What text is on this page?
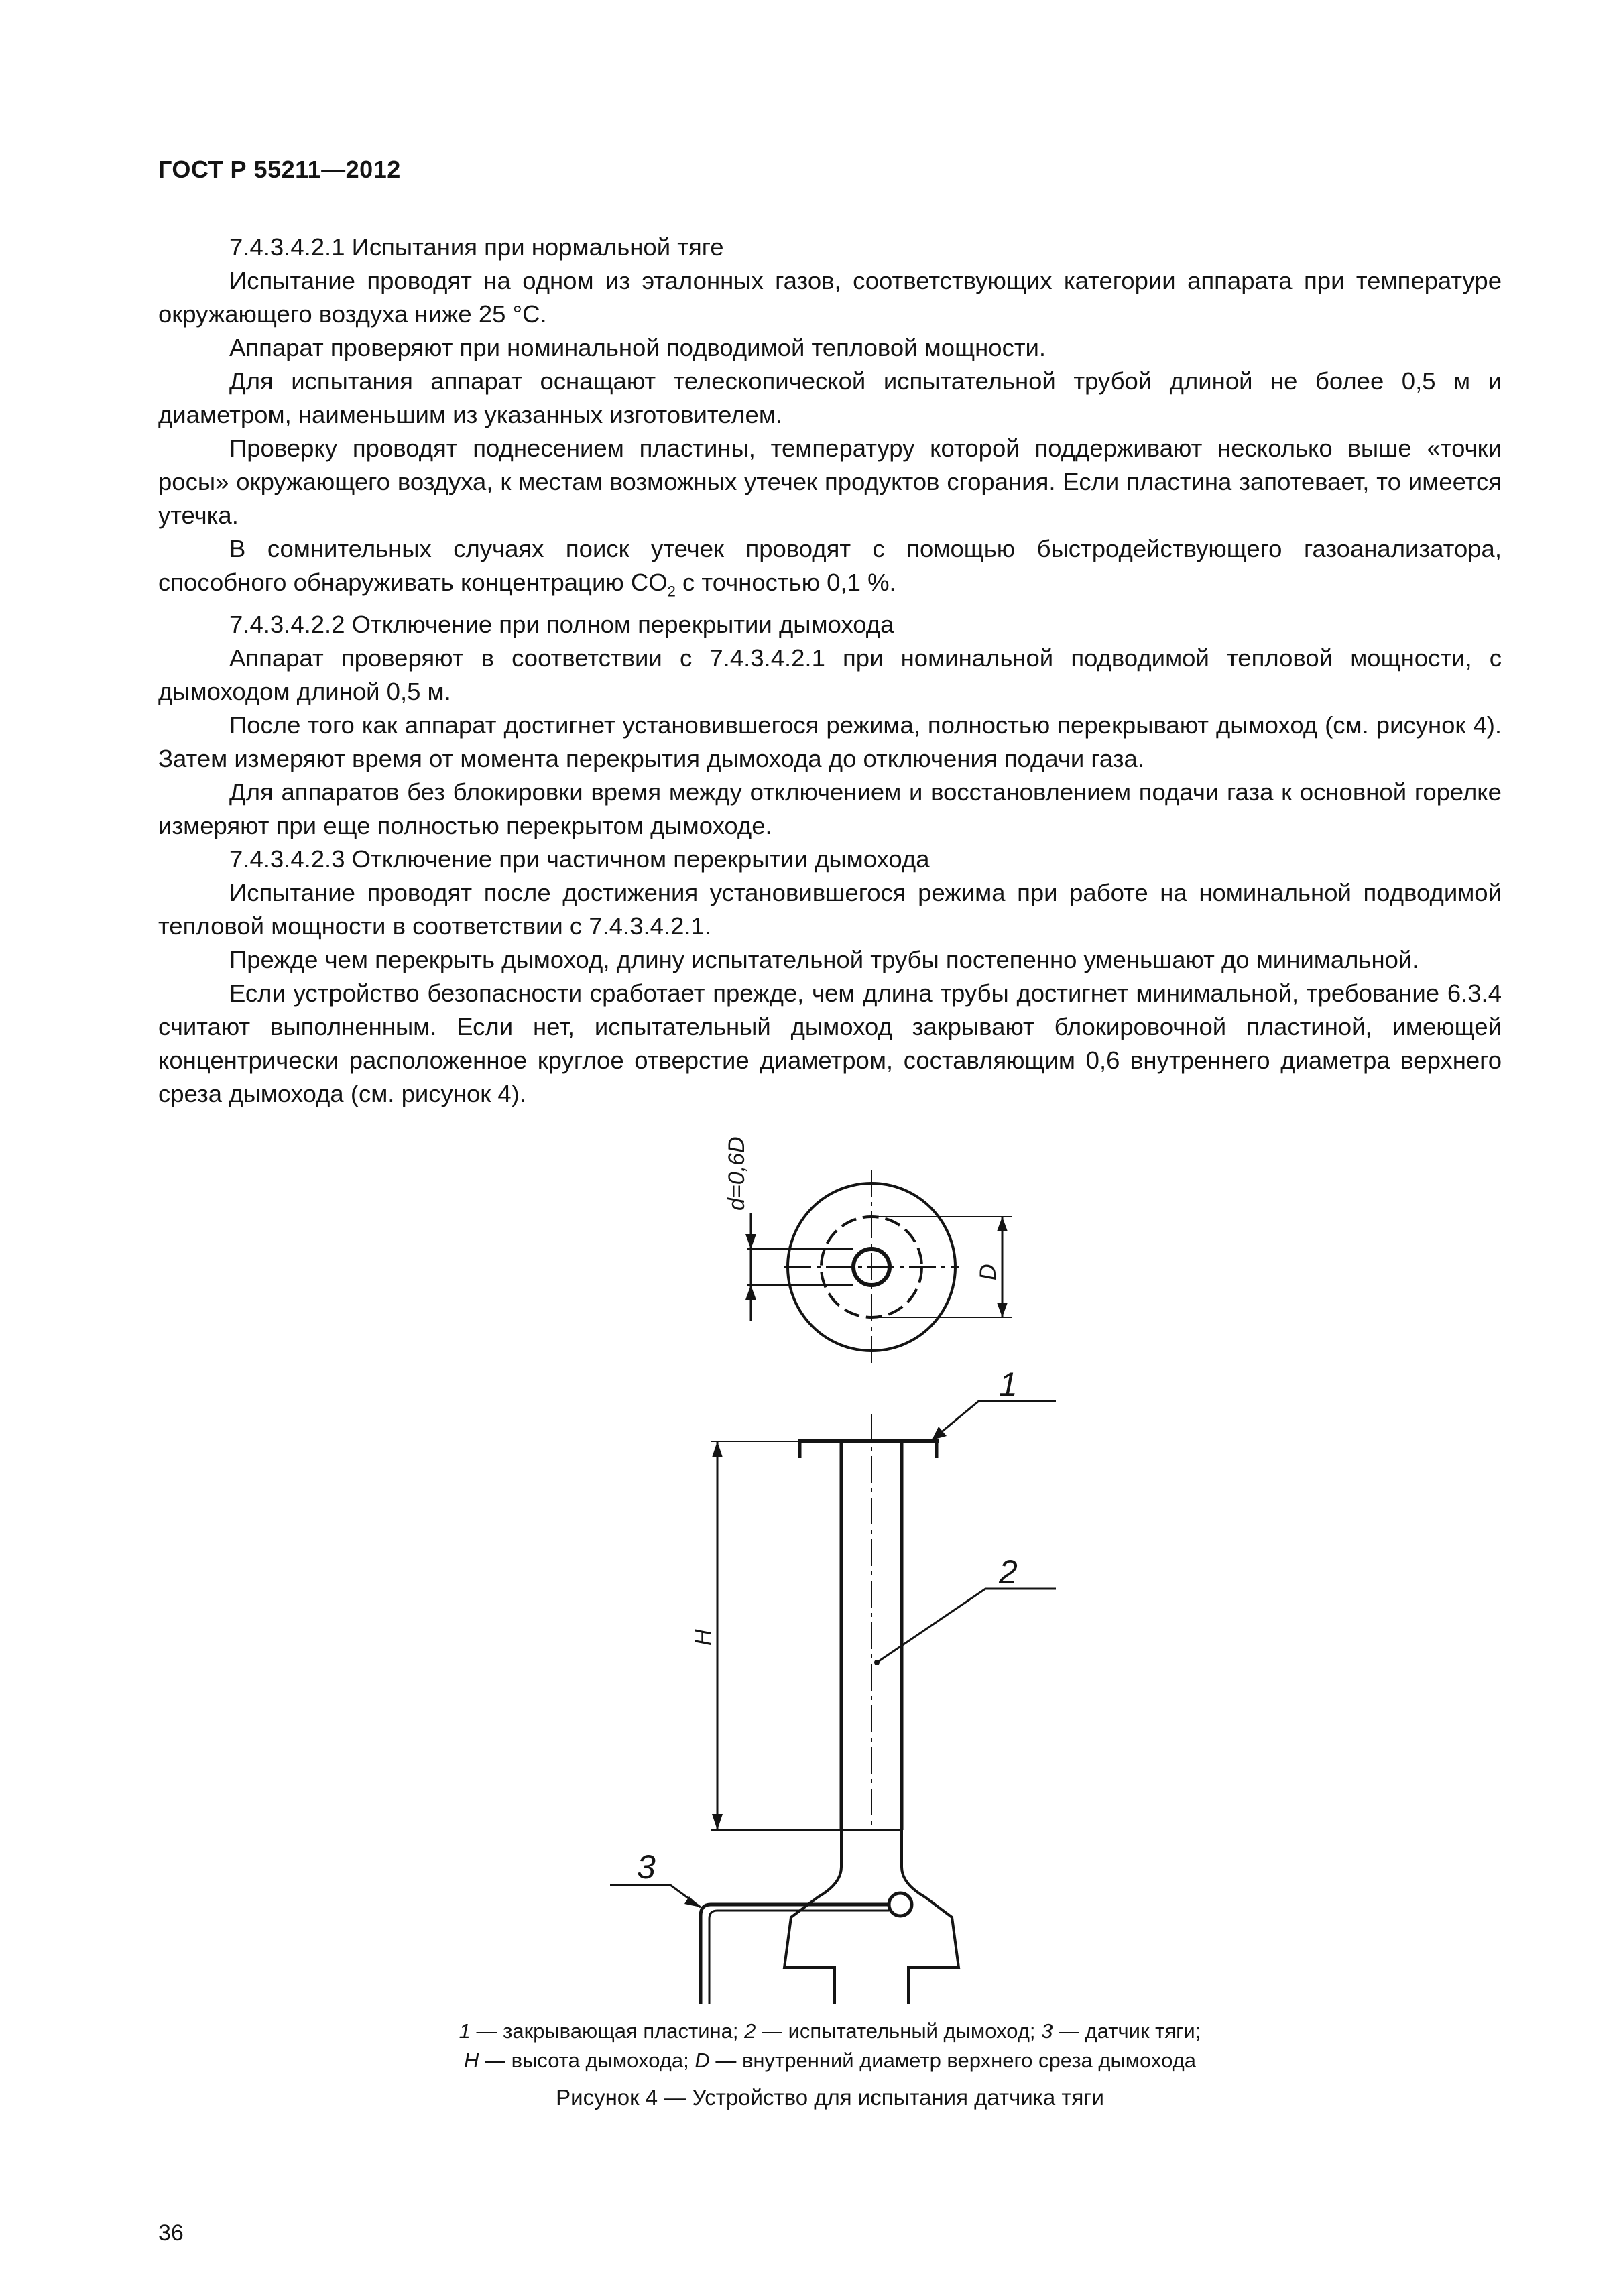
ГОСТ Р 55211—2012

7.4.3.4.2.1 Испытания при нормальной тяге

Испытание проводят на одном из эталонных газов, соответствующих категории аппарата при температуре окружающего воздуха ниже 25 °С.

Аппарат проверяют при номинальной подводимой тепловой мощности.

Для испытания аппарат оснащают телескопической испытательной трубой длиной не более 0,5 м и диаметром, наименьшим из указанных изготовителем.

Проверку проводят поднесением пластины, температуру которой поддерживают несколько выше «точки росы» окружающего воздуха, к местам возможных утечек продуктов сгорания. Если пластина запотевает, то имеется утечка.

В сомнительных случаях поиск утечек проводят с помощью быстродействующего газоанализатора, способного обнаруживать концентрацию $CO_2$ с точностью 0,1 %.

7.4.3.4.2.2 Отключение при полном перекрытии дымохода

Аппарат проверяют в соответствии с 7.4.3.4.2.1 при номинальной подводимой тепловой мощности, с дымоходом длиной 0,5 м.

После того как аппарат достигнет установившегося режима, полностью перекрывают дымоход (см. рисунок 4). Затем измеряют время от момента перекрытия дымохода до отключения подачи газа.

Для аппаратов без блокировки время между отключением и восстановлением подачи газа к основной горелке измеряют при еще полностью перекрытом дымоходе.

7.4.3.4.2.3 Отключение при частичном перекрытии дымохода

Испытание проводят после достижения установившегося режима при работе на номинальной подводимой тепловой мощности в соответствии с 7.4.3.4.2.1.

Прежде чем перекрыть дымоход, длину испытательной трубы постепенно уменьшают до минимальной.

Если устройство безопасности сработает прежде, чем длина трубы достигнет минимальной, требование 6.3.4 считают выполненным. Если нет, испытательный дымоход закрывают блокировочной пластиной, имеющей концентрически расположенное круглое отверстие диаметром, составляющим 0,6 внутреннего диаметра верхнего среза дымохода (см. рисунок 4).

d=0,6D
D
H
1
2
3
1 — закрывающая пластина; 2 — испытательный дымоход; 3 — датчик тяги;
H — высота дымохода; D — внутренний диаметр верхнего среза дымохода
Рисунок 4 — Устройство для испытания датчика тяги
36
